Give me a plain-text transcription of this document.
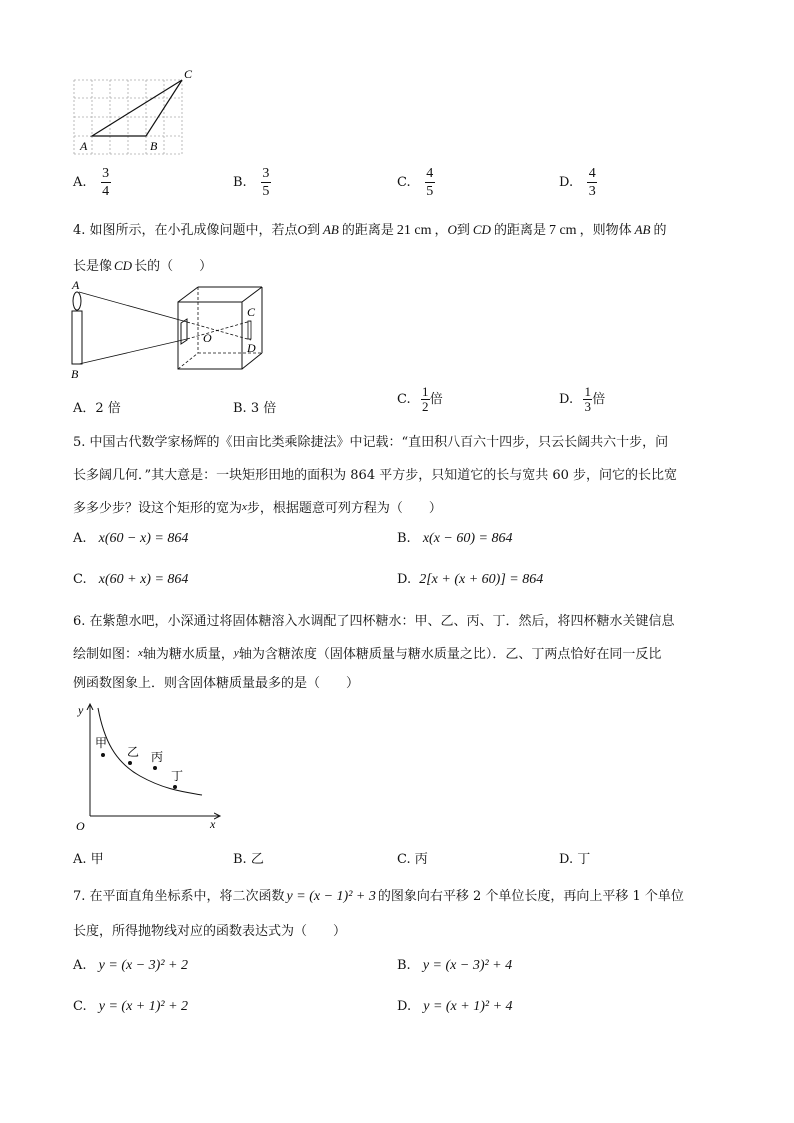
A	B
C
A. $\frac{3}{4}$	B. $\frac{3}{5}$	C. $\frac{4}{5}$	D. $\frac{4}{3}$
4. 如图所示，在小孔成像问题中，若点O到 AB 的距离是 21 cm ，O到 CD 的距离是 7 cm ，则物体 AB 的
长是像 CD 长的（　　）
A
B
C
D
O
A．2 倍	B. 3 倍
C. $\frac{1}{2}$ 倍	D. $\frac{1}{3}$ 倍
5. 中国古代数学家杨辉的《田亩比类乘除捷法》中记载：“直田积八百六十四步，只云长阔共六十步，问
长多阔几何．”其大意是：一块矩形田地的面积为 864 平方步，只知道它的长与宽共 60 步，问它的长比宽
多多少步？设这个矩形的宽为x步，根据题意可列方程为（　　）
A. x(60 − x) = 864	B. x(x − 60) = 864
C. x(60 + x) = 864	D. 2[x + (x + 60)] = 864
6. 在紫憩水吧，小深通过将固体糖溶入水调配了四杯糖水：甲、乙、丙、丁．然后，将四杯糖水关键信息
绘制如图：x轴为糖水质量，y轴为含糖浓度（固体糖质量与糖水质量之比）．乙、丁两点恰好在同一反比
例函数图象上．则含固体糖质量最多的是（　　）
y
x
O
甲
乙 丙
丁
A. 甲	B. 乙	C. 丙	D. 丁
7. 在平面直角坐标系中，将二次函数 y = (x − 1)² + 3 的图象向右平移 2 个单位长度，再向上平移 1 个单位
长度，所得抛物线对应的函数表达式为（　　）
A. y = (x − 3)² + 2	B. y = (x − 3)² + 4
C. y = (x + 1)² + 2	D. y = (x + 1)² + 4
